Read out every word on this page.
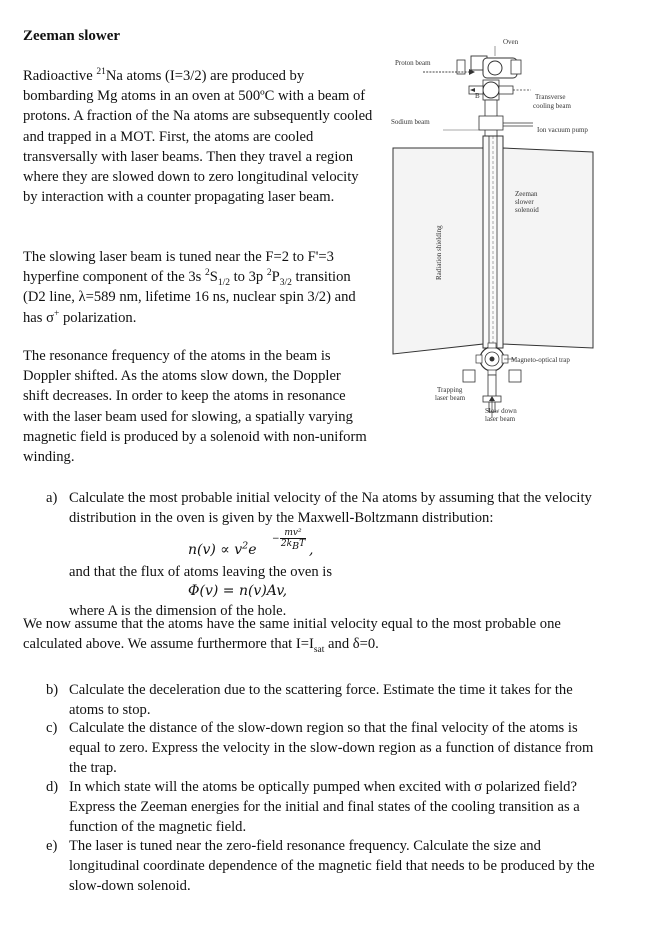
Zeeman slower
Radioactive $^{21}$Na atoms (I=3/2) are produced by bombarding Mg atoms in an oven at 500ºC with a beam of protons. A fraction of the Na atoms are subsequently cooled and trapped in a MOT. First, the atoms are cooled transversally with laser beams. Then they travel a region where they are slowed down to zero longitudinal velocity by interaction with a counter propagating laser beam.
The slowing laser beam is tuned near the F=2 to F'=3 hyperfine component of the 3s $^2S_{1/2}$ to 3p $^2P_{3/2}$ transition (D2 line, λ=589 nm, lifetime 16 ns, nuclear spin 3/2) and has σ+ polarization.
The resonance frequency of the atoms in the beam is Doppler shifted. As the atoms slow down, the Doppler shift decreases. In order to keep the atoms in resonance with the laser beam used for slowing, a spatially varying magnetic field is produced by a solenoid with non-uniform winding.
Oven
Proton beam
B	Transverse
cooling beam
Sodium beam
Ion vacuum pump
Zeeman
slower
solenoid
Radiation shielding
Magneto-optical trap
Trapping
laser beam
Slow down
laser beam
a) Calculate the most probable initial velocity of the Na atoms by assuming that the velocity distribution in the oven is given by the Maxwell-Boltzmann distribution:
$n(v) \propto v^2e$
−
mv²
$2k_BT$ ,
and that the flux of atoms leaving the oven is
Φ(v) = n(v)Av,
where A is the dimension of the hole.
We now assume that the atoms have the same initial velocity equal to the most probable one
calculated above. We assume furthermore that $I=I_{sat}$ and δ=0.
b) Calculate the deceleration due to the scattering force. Estimate the time it takes for the
atoms to stop.
c) Calculate the distance of the slow-down region so that the final velocity of the atoms is
equal to zero. Express the velocity in the slow-down region as a function of distance from
the trap.
d) In which state will the atoms be optically pumped when excited with σ polarized field?
Express the Zeeman energies for the initial and final states of the cooling transition as a
function of the magnetic field.
e) The laser is tuned near the zero-field resonance frequency. Calculate the size and
longitudinal coordinate dependence of the magnetic field that needs to be produced by the
slow-down solenoid.
